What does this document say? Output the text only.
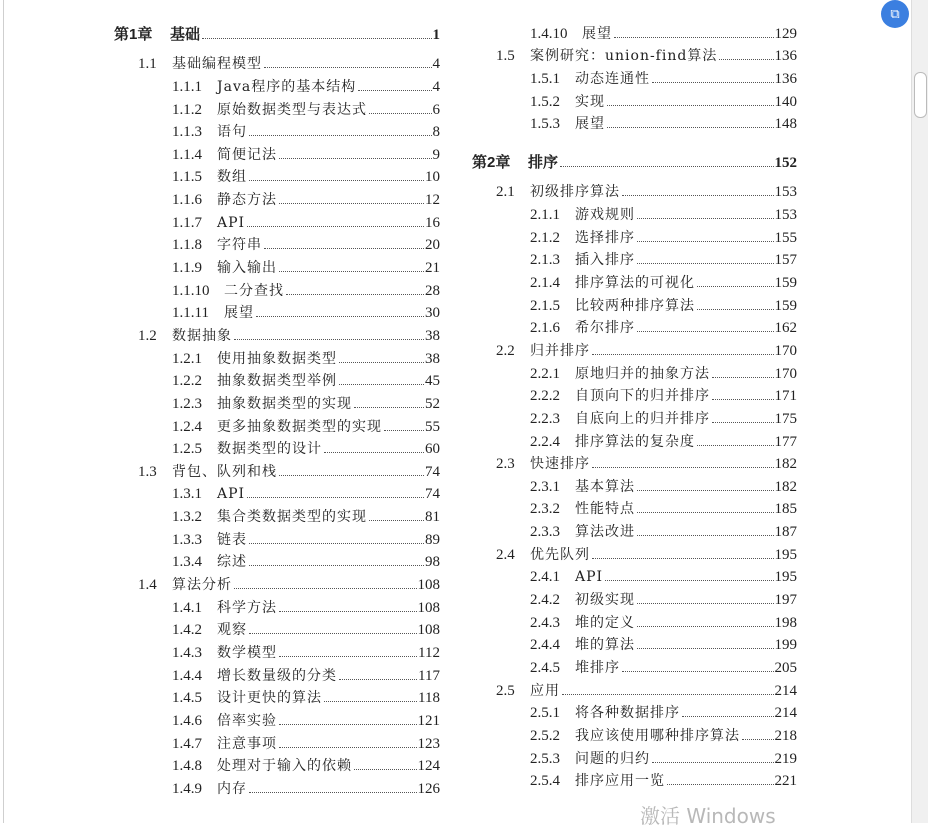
第1章	基础	1
1.1	基础编程模型	4
1.1.1	Java程序的基本结构	4
1.1.2	原始数据类型与表达式	6
1.1.3	语句	8
1.1.4	简便记法	9
1.1.5	数组	10
1.1.6	静态方法	12
1.1.7	API	16
1.1.8	字符串	20
1.1.9	输入输出	21
1.1.10	二分查找	28
1.1.11	展望	30
1.2	数据抽象	38
1.2.1	使用抽象数据类型	38
1.2.2	抽象数据类型举例	45
1.2.3	抽象数据类型的实现	52
1.2.4	更多抽象数据类型的实现	55
1.2.5	数据类型的设计	60
1.3	背包、队列和栈	74
1.3.1	API	74
1.3.2	集合类数据类型的实现	81
1.3.3	链表	89
1.3.4	综述	98
1.4	算法分析	108
1.4.1	科学方法	108
1.4.2	观察	108
1.4.3	数学模型	112
1.4.4	增长数量级的分类	117
1.4.5	设计更快的算法	118
1.4.6	倍率实验	121
1.4.7	注意事项	123
1.4.8	处理对于输入的依赖	124
1.4.9	内存	126
1.4.10	展望	129
1.5	案例研究：union-find算法	136
1.5.1	动态连通性	136
1.5.2	实现	140
1.5.3	展望	148
第2章	排序	152
2.1	初级排序算法	153
2.1.1	游戏规则	153
2.1.2	选择排序	155
2.1.3	插入排序	157
2.1.4	排序算法的可视化	159
2.1.5	比较两种排序算法	159
2.1.6	希尔排序	162
2.2	归并排序	170
2.2.1	原地归并的抽象方法	170
2.2.2	自顶向下的归并排序	171
2.2.3	自底向上的归并排序	175
2.2.4	排序算法的复杂度	177
2.3	快速排序	182
2.3.1	基本算法	182
2.3.2	性能特点	185
2.3.3	算法改进	187
2.4	优先队列	195
2.4.1	API	195
2.4.2	初级实现	197
2.4.3	堆的定义	198
2.4.4	堆的算法	199
2.4.5	堆排序	205
2.5	应用	214
2.5.1	将各种数据排序	214
2.5.2	我应该使用哪种排序算法 218
2.5.3	问题的归约	219
2.5.4	排序应用一览	221
⧉
激活 Windows
